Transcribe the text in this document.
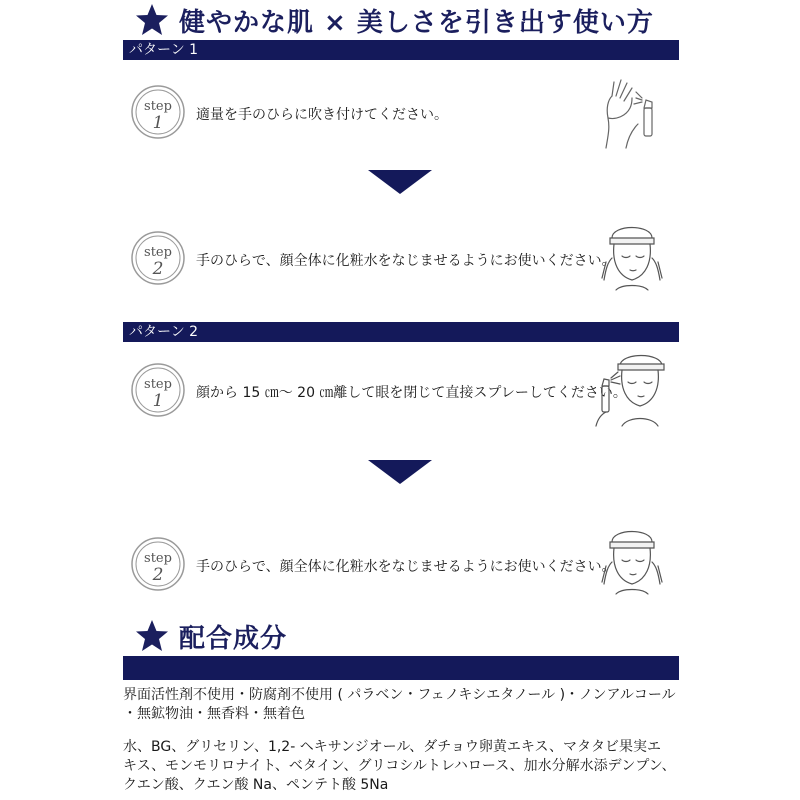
健やかな肌 × 美しさを引き出す使い方
パターン 1
step
1 適量を手のひらに吹き付けてください。
step
2 手のひらで、顔全体に化粧水をなじませるようにお使いください。
パターン 2
step
1 顔から 15 ㎝～ 20 ㎝離して眼を閉じて直接スプレーしてください。
step
2 手のひらで、顔全体に化粧水をなじませるようにお使いください。
配合成分
界面活性剤不使用・防腐剤不使用 ( パラベン・フェノキシエタノール )・ノンアルコール
・無鉱物油・無香料・無着色
水、BG、グリセリン、1,2- ヘキサンジオール、ダチョウ卵黄エキス、マタタビ果実エ
キス、モンモリロナイト、ベタイン、グリコシルトレハロース、加水分解水添デンプン、
クエン酸、クエン酸 Na、ペンテト酸 5Na
